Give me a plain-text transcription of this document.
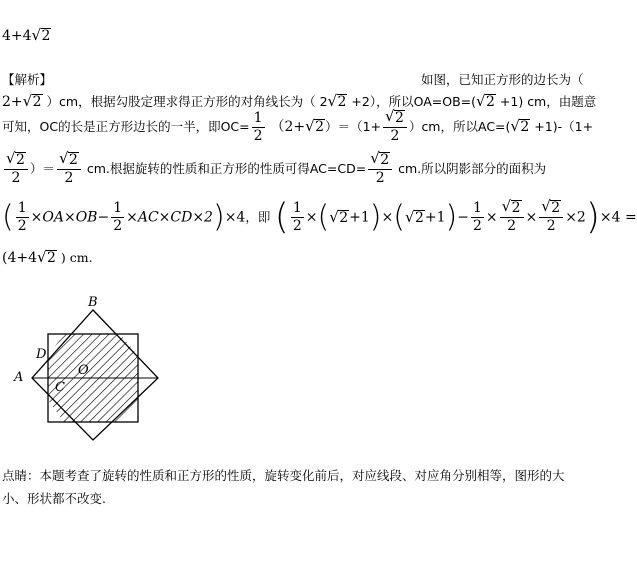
4+4 √ 2
【解析】	如图，已知正方形的边长为（
2+ √ 2 ）cm，根据勾股定理求得正方形的对角线长为（ 2 √ 2 +2），所以OA=OB=( √ 2 +1) cm，由题意
可知，OC的长是正方形边长的一半，即$OC= \frac{1}{2} (2+$ √ $2)=(1+ \frac{√ 2}{2} )cm$，所以AC=( √ 2 +1)-（1+
$\frac{√ 2}{2}$ ）＝ $\frac{√ 2}{2}$ cm.根据旋转的性质和正方形的性质可得$AC=CD= \frac{√ 2}{2}$ cm.所以阴影部分的面积为
( $\frac{1}{2} \times OA\times OB- \frac{1}{2} \times AC\times CD\times 2)\times 4$，即 ( $\frac{1}{2}$ ×( √ 2+1)×( √ $2+1)- \frac{1}{2} \times \frac{√ 2}{2} \times \frac{√ 2}{2} \times 2)\times 4$ =
(4+4 √ 2 ) cm.
B
D
A	O
C
点睛：本题考查了旋转的性质和正方形的性质，旋转变化前后，对应线段、对应角分别相等，图形的大
小、形状都不改变.
